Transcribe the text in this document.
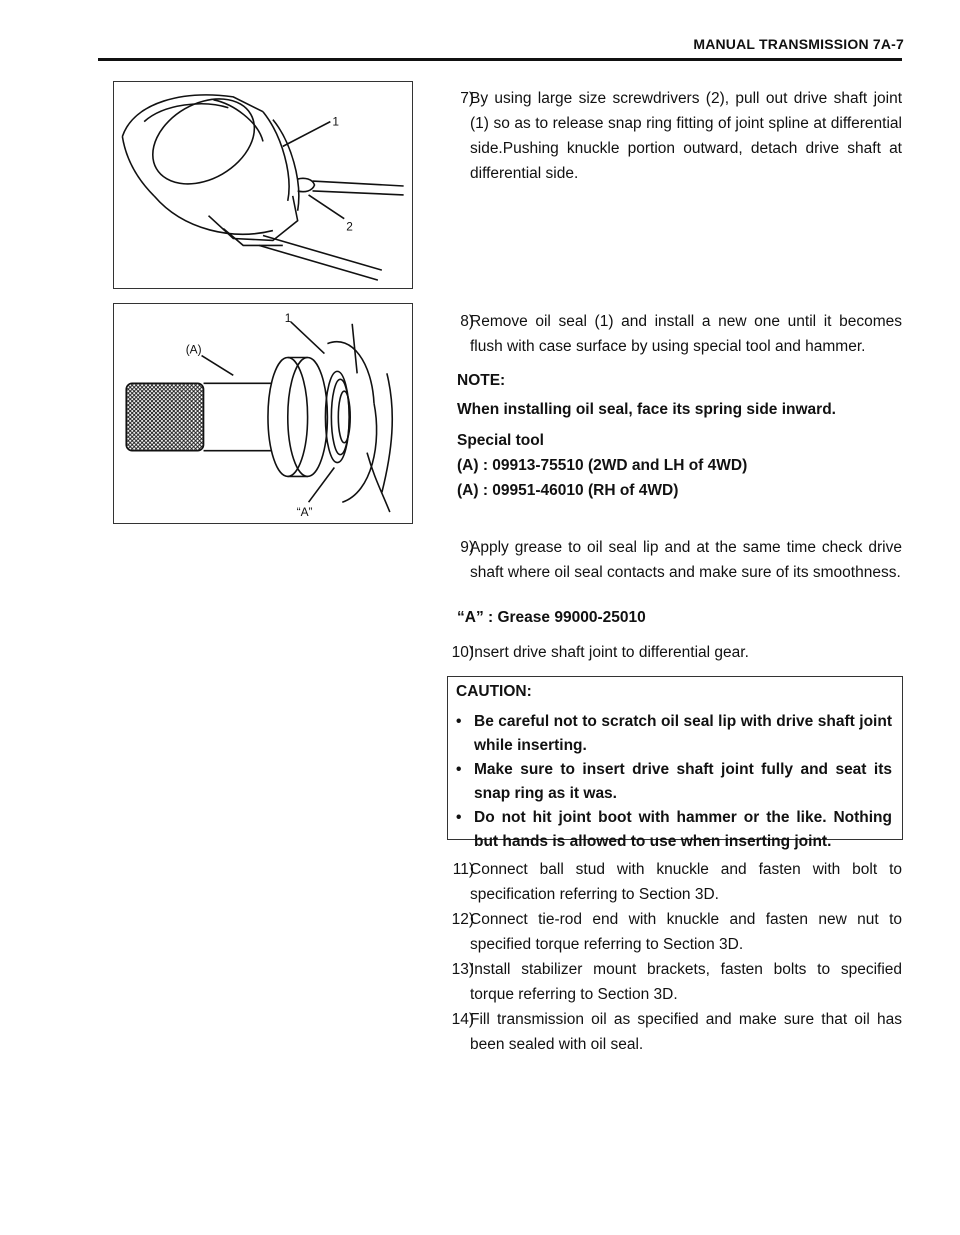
MANUAL TRANSMISSION 7A-7
1
2
1
(A)
“A”
7)
By using large size screwdrivers (2), pull out drive shaft joint (1) so as to release snap ring fitting of joint spline at differential side.Pushing knuckle portion outward, detach drive shaft at differential side.
8)
Remove oil seal (1) and install a new one until it becomes flush with case surface by using special tool and hammer.
NOTE:
When installing oil seal, face its spring side inward.
Special tool
(A) : 09913-75510 (2WD and LH of 4WD)
(A) : 09951-46010 (RH of 4WD)
9)
Apply grease to oil seal lip and at the same time check drive shaft where oil seal contacts and make sure of its smoothness.
“A” : Grease 99000-25010
10)
Insert drive shaft joint to differential gear.
CAUTION:
• Be careful not to scratch oil seal lip with drive shaft joint while inserting.
• Make sure to insert drive shaft joint fully and seat its snap ring as it was.
• Do not hit joint boot with hammer or the like. Nothing but hands is allowed to use when inserting joint.
11)
Connect ball stud with knuckle and fasten with bolt to specification referring to Section 3D.
12)
Connect tie-rod end with knuckle and fasten new nut to specified torque referring to Section 3D.
13)
Install stabilizer mount brackets, fasten bolts to specified torque referring to Section 3D.
14)
Fill transmission oil as specified and make sure that oil has been sealed with oil seal.
